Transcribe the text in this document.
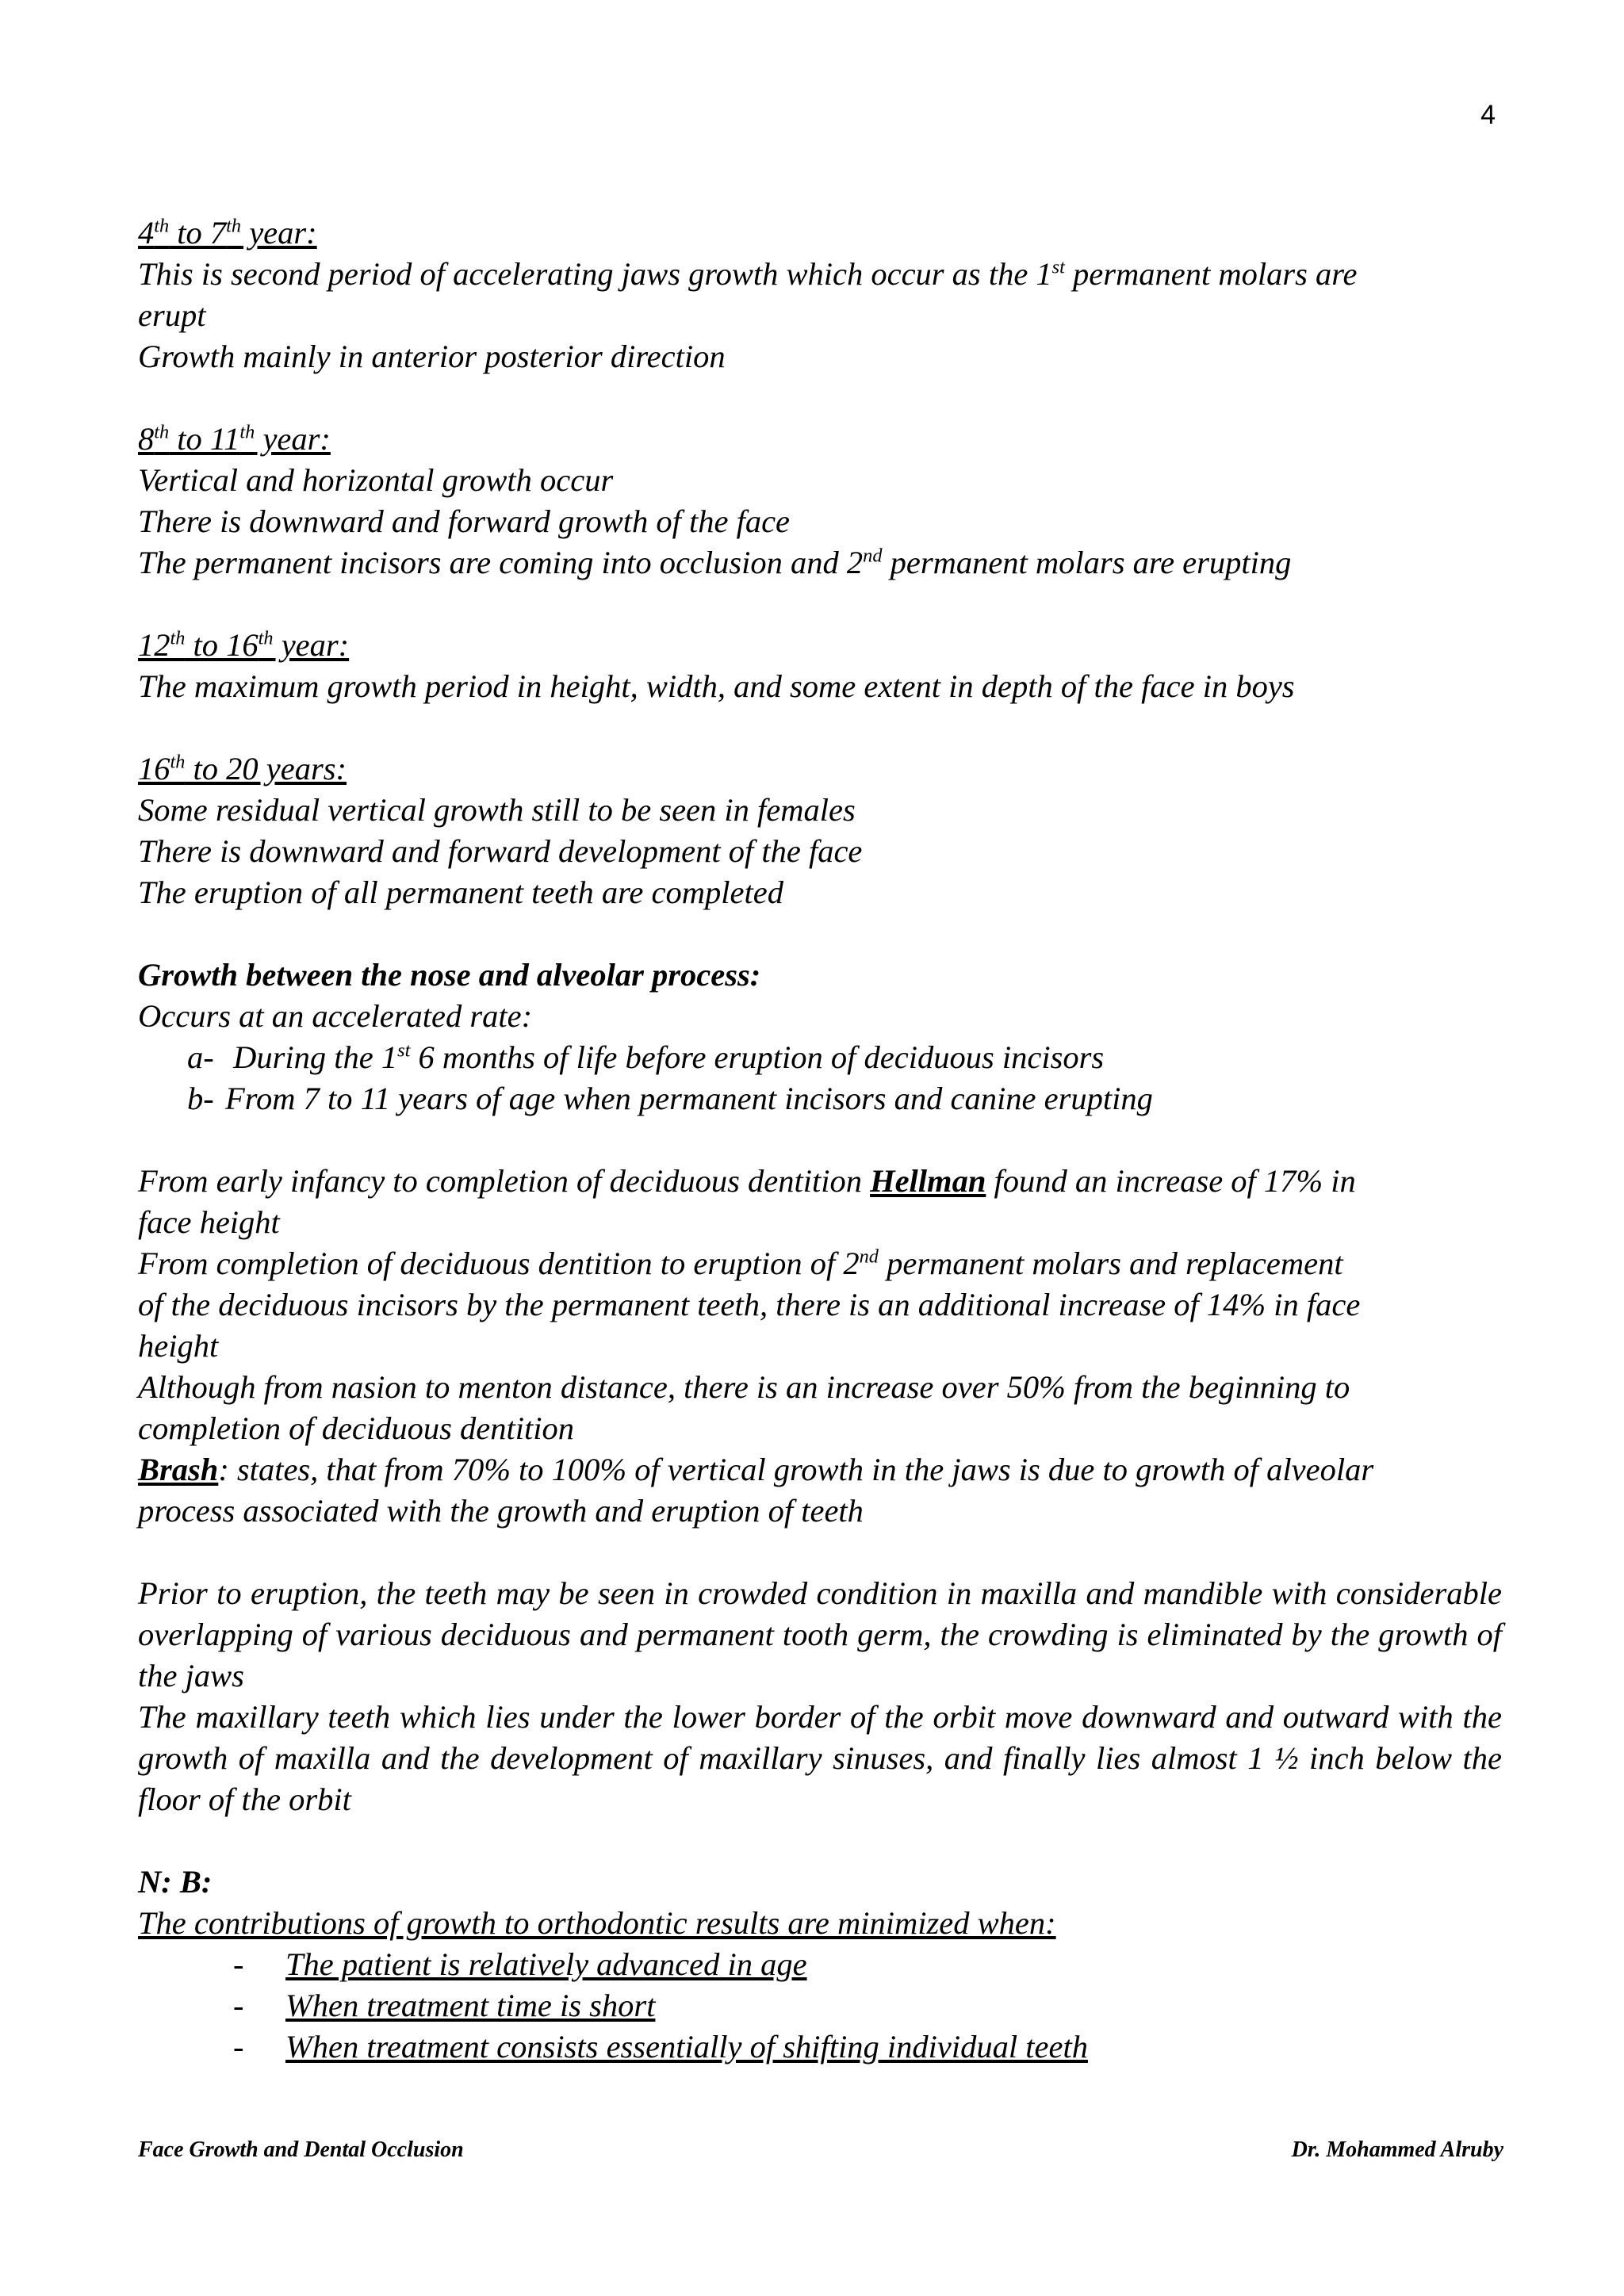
4

4th to 7th year:

This is second period of accelerating jaws growth which occur as the 1st permanent molars are

erupt

Growth mainly in anterior posterior direction

8th to 11th year:

Vertical and horizontal growth occur

There is downward and forward growth of the face

The permanent incisors are coming into occlusion and 2nd permanent molars are erupting

12th to 16th year:

The maximum growth period in height, width, and some extent in depth of the face in boys

16th to 20 years:

Some residual vertical growth still to be seen in females

There is downward and forward development of the face

The eruption of all permanent teeth are completed

Growth between the nose and alveolar process:

Occurs at an accelerated rate:

a- During the 1st 6 months of life before eruption of deciduous incisors

b- From 7 to 11 years of age when permanent incisors and canine erupting

From early infancy to completion of deciduous dentition Hellman found an increase of 17% in

face height

From completion of deciduous dentition to eruption of 2nd permanent molars and replacement

of the deciduous incisors by the permanent teeth, there is an additional increase of 14% in face

height

Although from nasion to menton distance, there is an increase over 50% from the beginning to

completion of deciduous dentition

Brash: states, that from 70% to 100% of vertical growth in the jaws is due to growth of alveolar

process associated with the growth and eruption of teeth

Prior to eruption, the teeth may be seen in crowded condition in maxilla and mandible with considerable overlapping of various deciduous and permanent tooth germ, the crowding is eliminated by the growth of the jaws

The maxillary teeth which lies under the lower border of the orbit move downward and outward with the growth of maxilla and the development of maxillary sinuses, and finally lies almost 1 ½ inch below the floor of the orbit

N: B:

The contributions of growth to orthodontic results are minimized when:

- The patient is relatively advanced in age

- When treatment time is short

- When treatment consists essentially of shifting individual teeth

Face Growth and Dental Occlusion	Dr. Mohammed Alruby
